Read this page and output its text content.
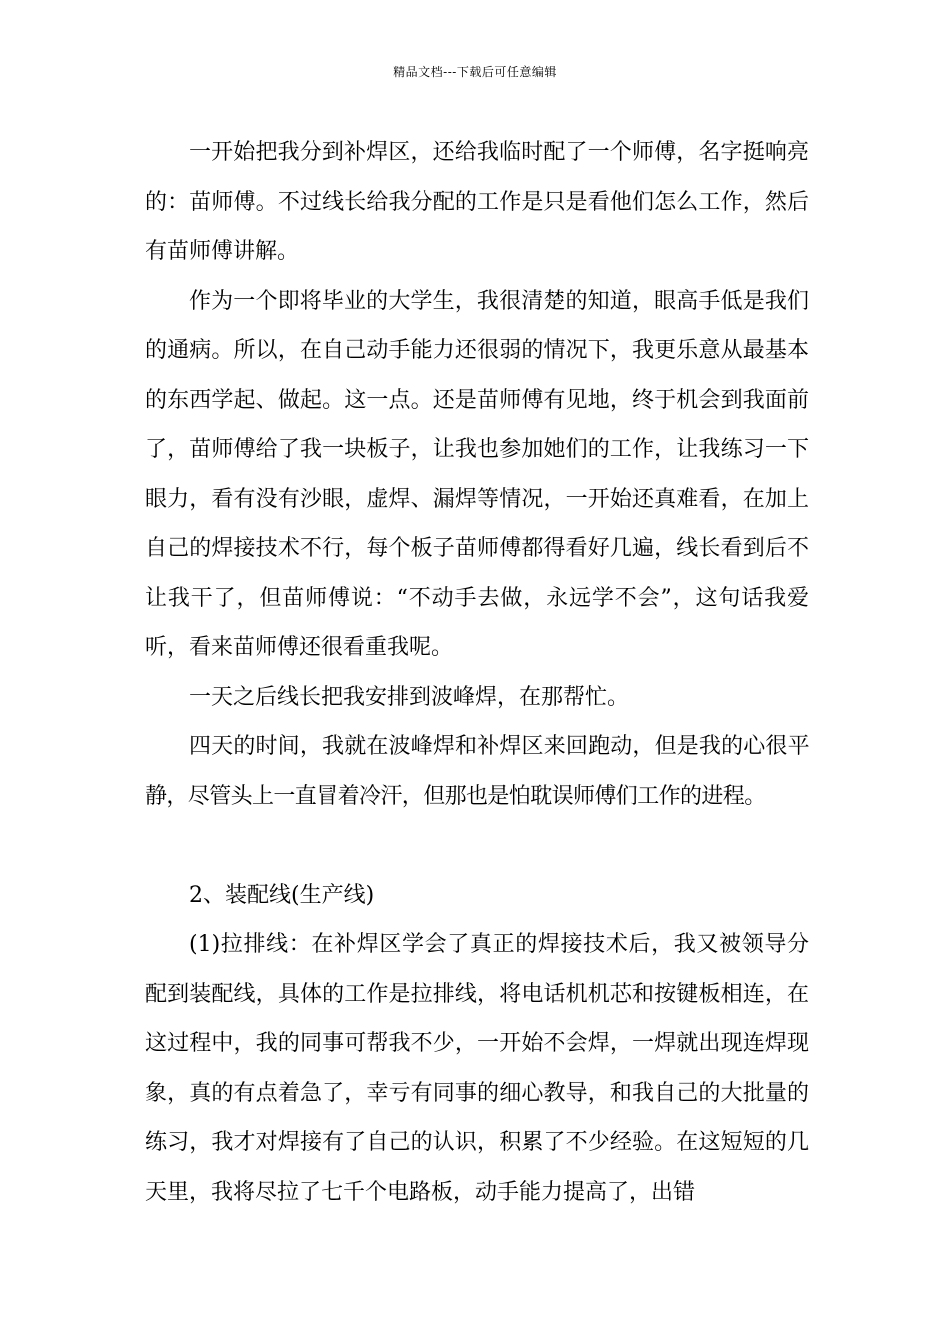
精品文档---下载后可任意编辑

一开始把我分到补焊区，还给我临时配了一个师傅，名字挺响亮的：苗师傅。不过线长给我分配的工作是只是看他们怎么工作，然后有苗师傅讲解。

作为一个即将毕业的大学生，我很清楚的知道，眼高手低是我们的通病。所以，在自己动手能力还很弱的情况下，我更乐意从最基本的东西学起、做起。这一点。还是苗师傅有见地，终于机会到我面前了，苗师傅给了我一块板子，让我也参加她们的工作，让我练习一下眼力，看有没有沙眼，虚焊、漏焊等情况，一开始还真难看，在加上自己的焊接技术不行，每个板子苗师傅都得看好几遍，线长看到后不让我干了，但苗师傅说：“不动手去做，永远学不会”，这句话我爱听，看来苗师傅还很看重我呢。

一天之后线长把我安排到波峰焊，在那帮忙。

四天的时间，我就在波峰焊和补焊区来回跑动，但是我的心很平静，尽管头上一直冒着冷汗，但那也是怕耽误师傅们工作的进程。

2、装配线(生产线)

(1)拉排线：在补焊区学会了真正的焊接技术后，我又被领导分配到装配线，具体的工作是拉排线，将电话机机芯和按键板相连，在这过程中，我的同事可帮我不少，一开始不会焊，一焊就出现连焊现象，真的有点着急了，幸亏有同事的细心教导，和我自己的大批量的练习，我才对焊接有了自己的认识，积累了不少经验。在这短短的几天里，我将尽拉了七千个电路板，动手能力提高了，出错
